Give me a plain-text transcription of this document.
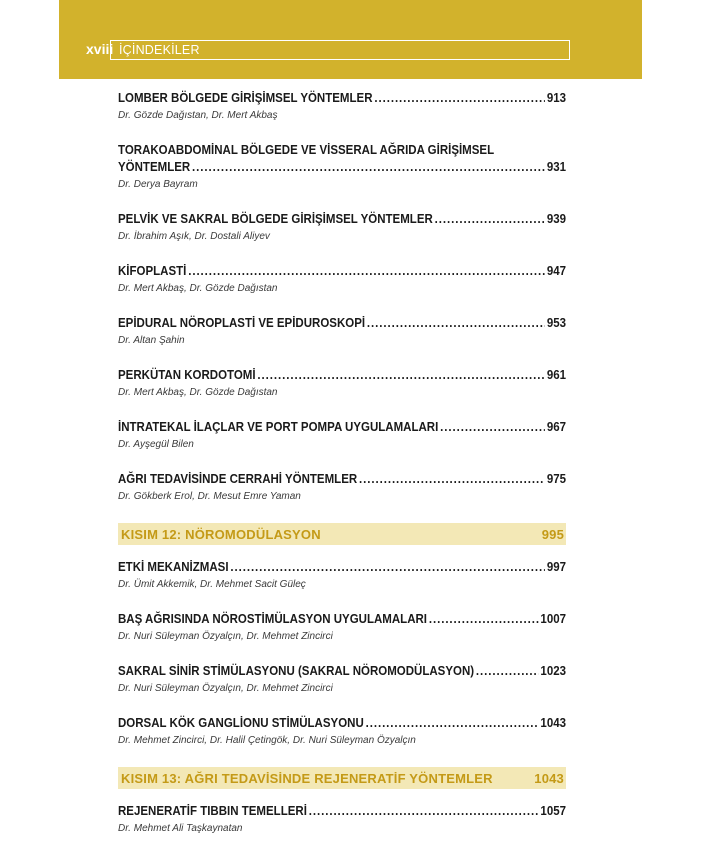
xviii İÇİNDEKİLER
LOMBER BÖLGEDE GİRİŞİMSEL YÖNTEMLER .....	913
Dr. Gözde Dağıstan, Dr. Mert Akbaş
TORAKOABDOMİNAL BÖLGEDE VE VİSSERAL AĞRIDA GİRİŞİMSEL
YÖNTEMLER .....	931
Dr. Derya Bayram
PELVİK VE SAKRAL BÖLGEDE GİRİŞİMSEL YÖNTEMLER .....	939
Dr. İbrahim Aşık, Dr. Dostali Aliyev
KİFOPLASTİ .....	947
Dr. Mert Akbaş, Dr. Gözde Dağıstan
EPİDURAL NÖROPLASTİ VE EPİDUROSKOPİ .....	953
Dr. Altan Şahin
PERKÜTAN KORDOTOMİ .....	961
Dr. Mert Akbaş, Dr. Gözde Dağıstan
İNTRATEKAL İLAÇLAR VE PORT POMPA UYGULAMALARI .....	967
Dr. Ayşegül Bilen
AĞRI TEDAVİSİNDE CERRAHİ YÖNTEMLER .....	975
Dr. Gökberk Erol, Dr. Mesut Emre Yaman
KISIM 12: NÖROMODÜLASYON	995
ETKİ MEKANİZMASI .....	997
Dr. Ümit Akkemik, Dr. Mehmet Sacit Güleç
BAŞ AĞRISINDA NÖROSTİMÜLASYON UYGULAMALARI .....	1007
Dr. Nuri Süleyman Özyalçın, Dr. Mehmet Zincirci
SAKRAL SİNİR STİMÜLASYONU (SAKRAL NÖROMODÜLASYON) .....	1023
Dr. Nuri Süleyman Özyalçın, Dr. Mehmet Zincirci
DORSAL KÖK GANGLİONU STİMÜLASYONU .....	1043
Dr. Mehmet Zincirci, Dr. Halil Çetingök, Dr. Nuri Süleyman Özyalçın
KISIM 13: AĞRI TEDAVİSİNDE REJENERATİF YÖNTEMLER	1043
REJENERATİF TIBBIN TEMELLERİ .....	1057
Dr. Mehmet Ali Taşkaynatan
